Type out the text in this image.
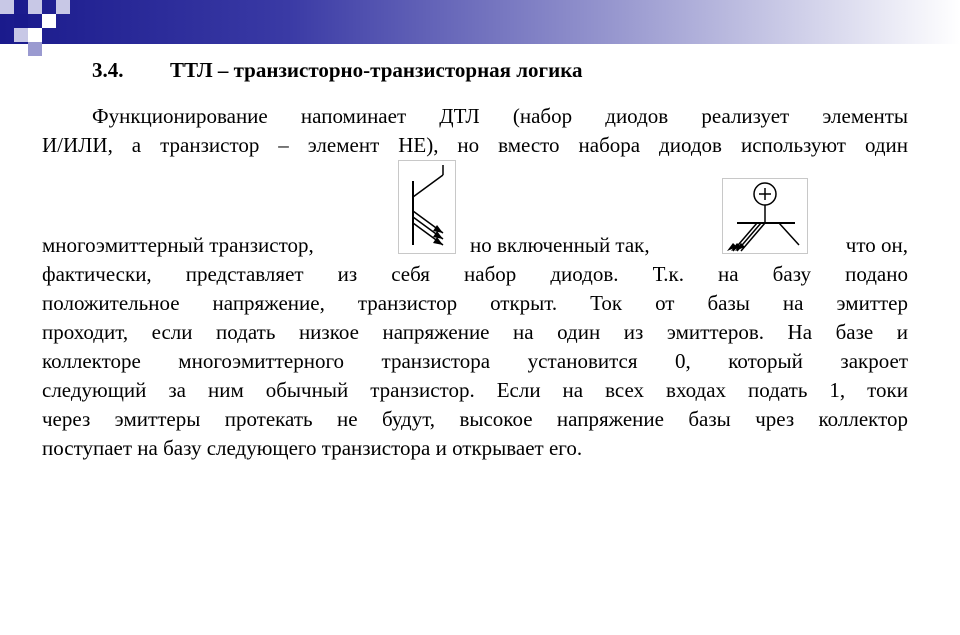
3.4. ТТЛ – транзисторно-транзисторная логика
Функционирование напоминает ДТЛ (набор диодов реализует элементы
И/ИЛИ, а транзистор – элемент НЕ), но вместо набора диодов используют один
многоэмиттерный транзистор,	но включенный так,	что он,
фактически, представляет из себя набор диодов. Т.к. на базу подано
положительное напряжение, транзистор открыт. Ток от базы на эмиттер
проходит, если подать низкое напряжение на один из эмиттеров. На базе и
коллекторе многоэмиттерного транзистора установится 0, который закроет
следующий за ним обычный транзистор. Если на всех входах подать 1, токи
через эмиттеры протекать не будут, высокое напряжение базы чрез коллектор
поступает на базу следующего транзистора и открывает его.
